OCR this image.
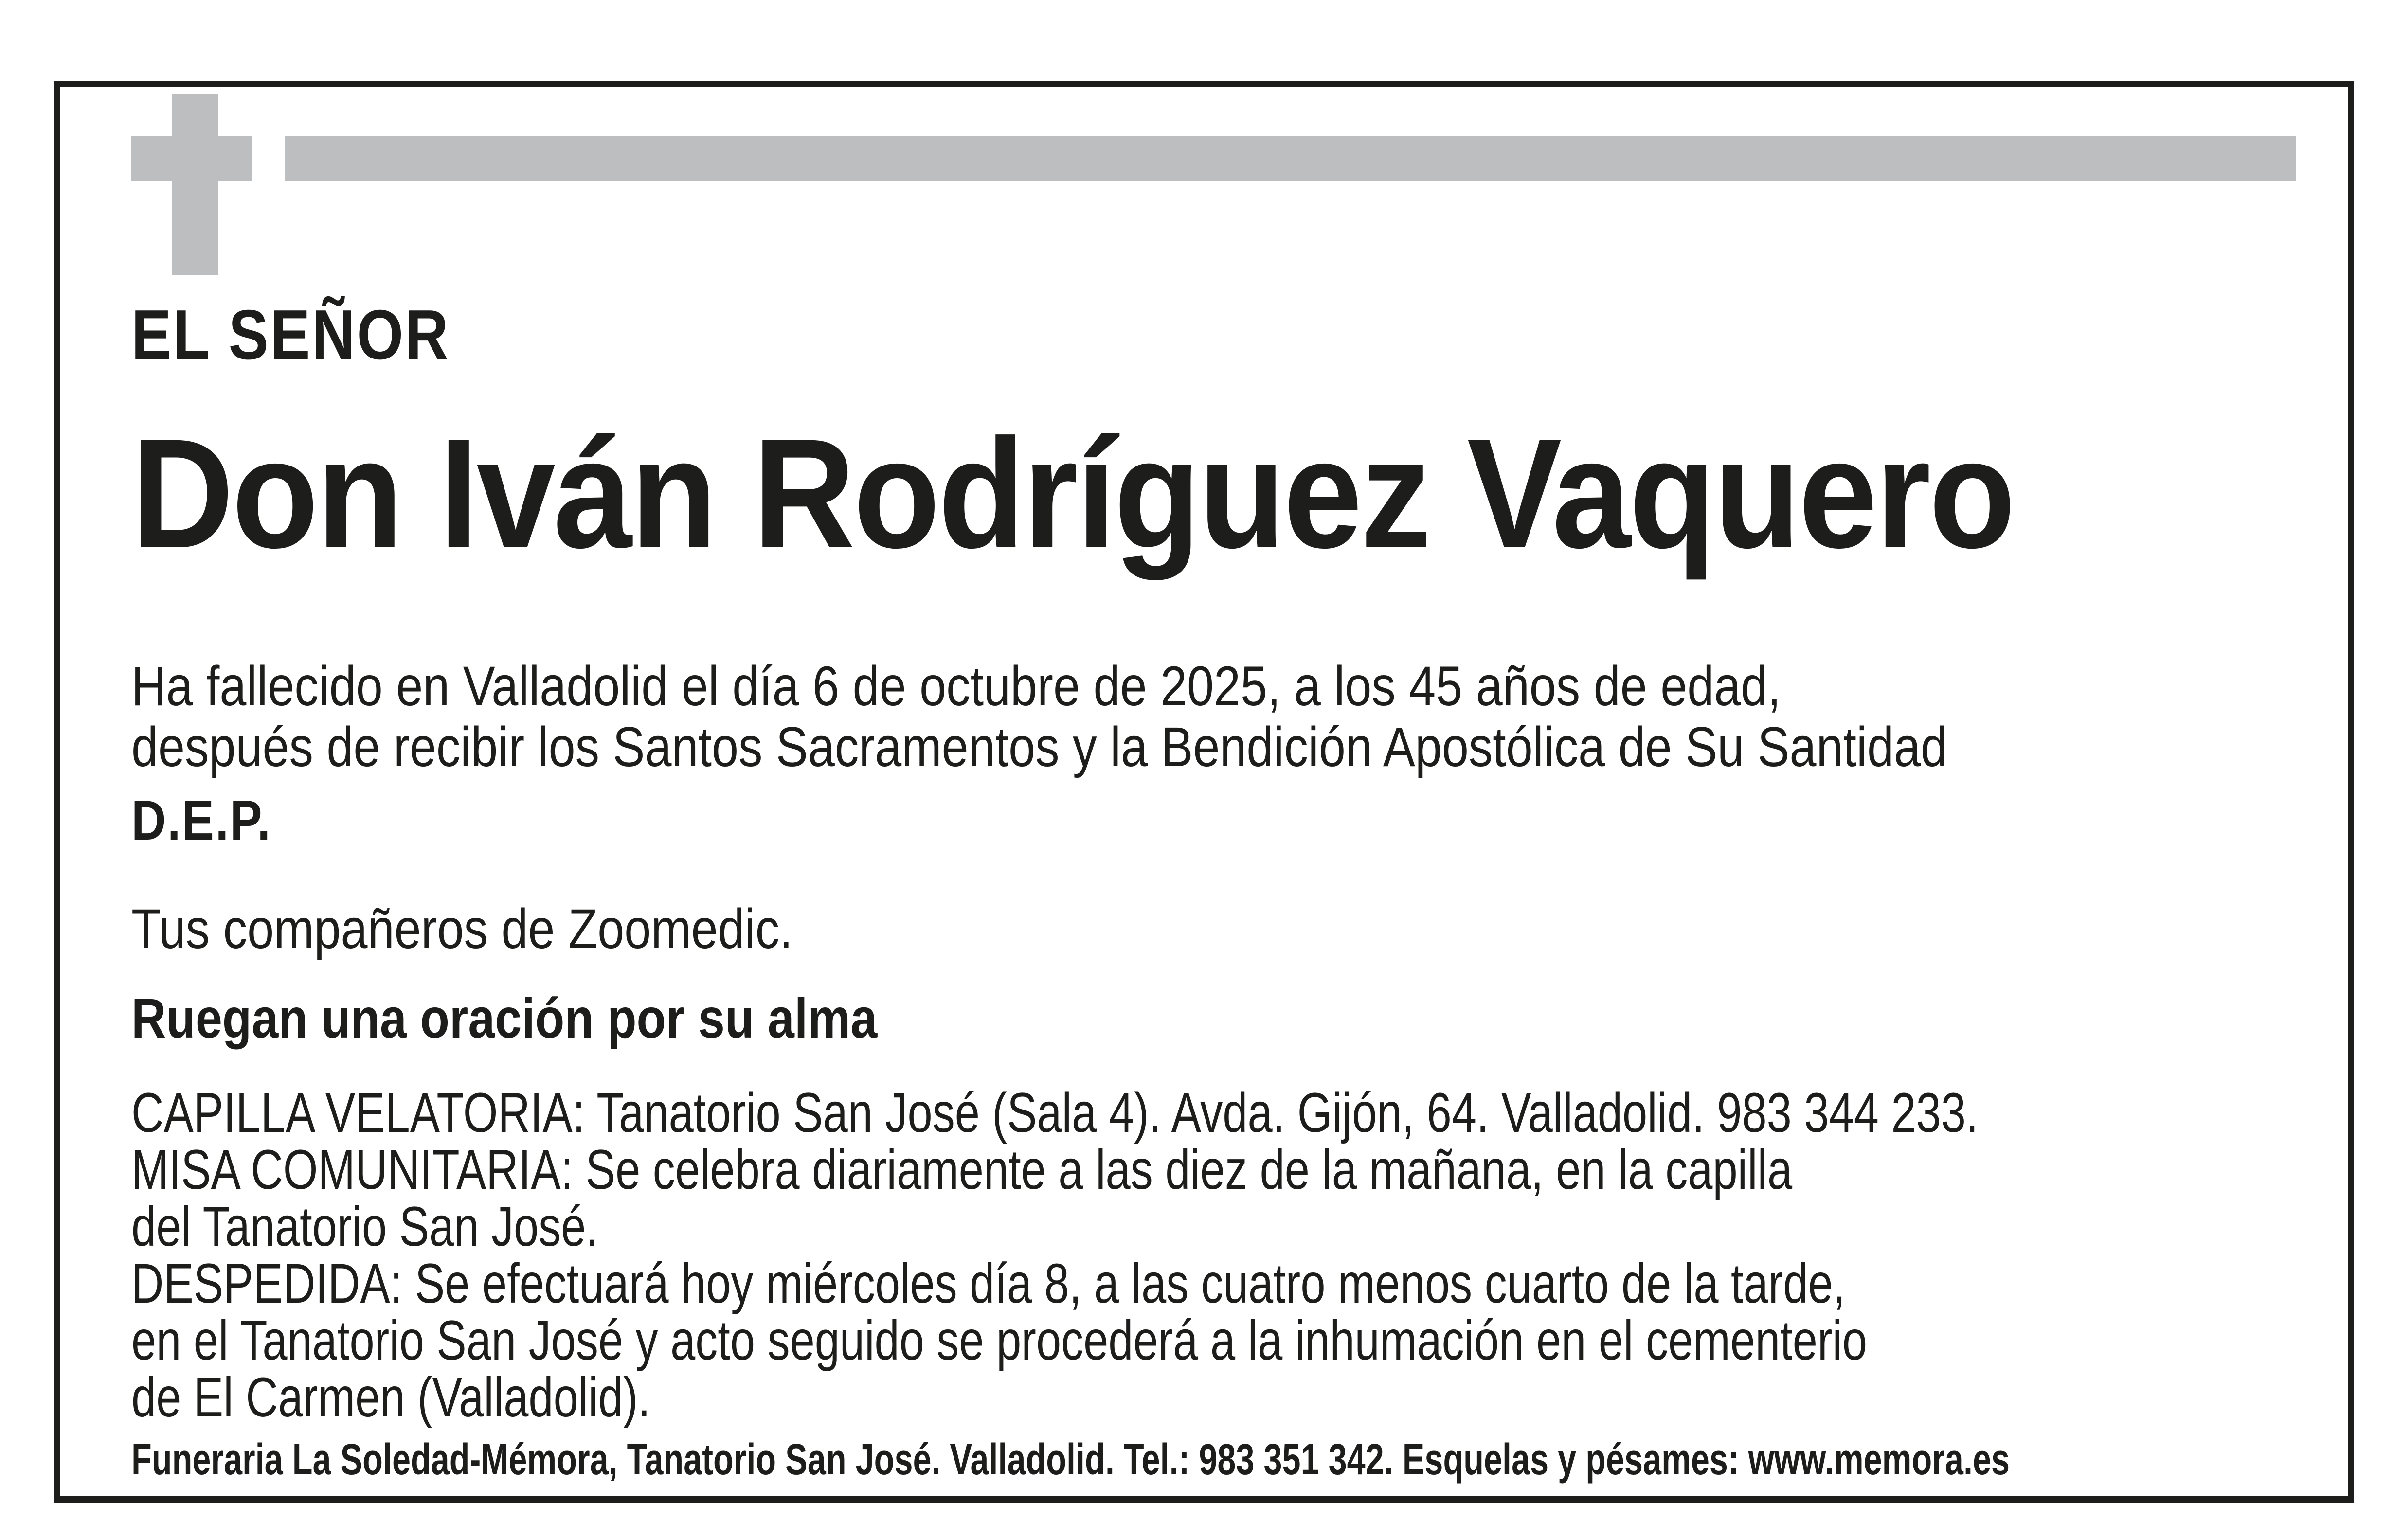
EL SEÑOR
Don Iván Rodríguez Vaquero
Ha fallecido en Valladolid el día 6 de octubre de 2025, a los 45 años de edad,
después de recibir los Santos Sacramentos y la Bendición Apostólica de Su Santidad
D.E.P.
Tus compañeros de Zoomedic.
Ruegan una oración por su alma
CAPILLA VELATORIA: Tanatorio San José (Sala 4). Avda. Gijón, 64. Valladolid. 983 344 233.
MISA COMUNITARIA: Se celebra diariamente a las diez de la mañana, en la capilla
del Tanatorio San José.
DESPEDIDA: Se efectuará hoy miércoles día 8, a las cuatro menos cuarto de la tarde,
en el Tanatorio San José y acto seguido se procederá a la inhumación en el cementerio
de El Carmen (Valladolid).
Funeraria La Soledad-Mémora, Tanatorio San José. Valladolid. Tel.: 983 351 342. Esquelas y pésames: www.memora.es
